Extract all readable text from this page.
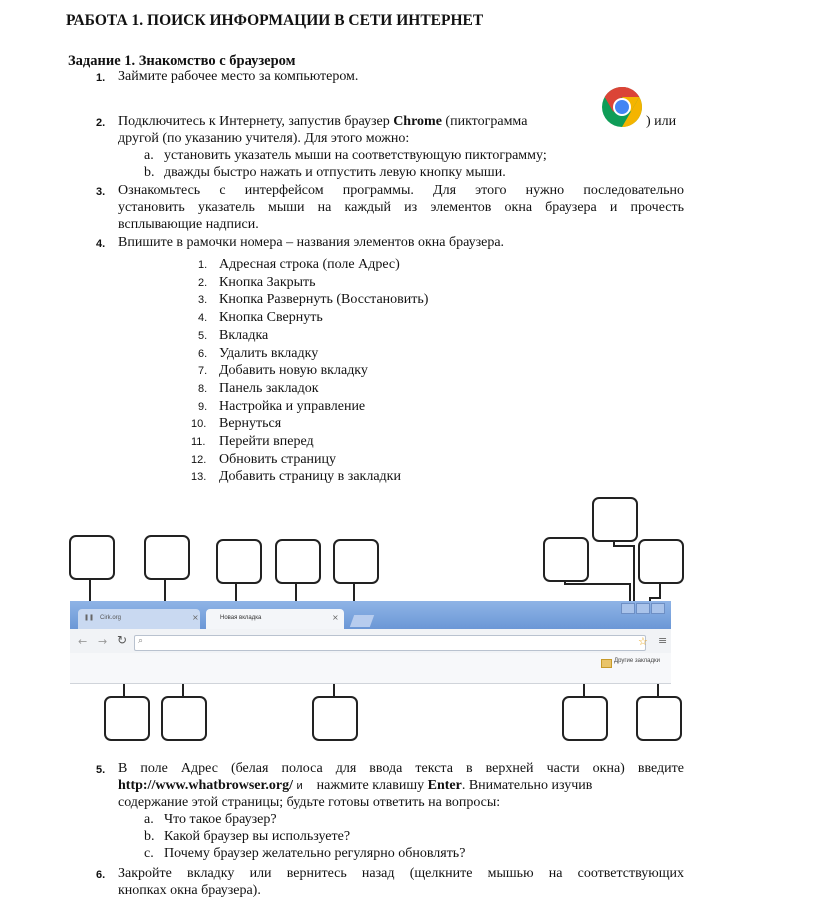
РАБОТА 1. ПОИСК ИНФОРМАЦИИ В СЕТИ ИНТЕРНЕТ
Задание 1. Знакомство с браузером
1. Займите рабочее место за компьютером.
2. Подключитесь к Интернету, запустив браузер Chrome (пиктограмма	) или
другой (по указанию учителя). Для этого можно:
a. установить указатель мыши на соответствующую пиктограмму;
b. дважды быстро нажать и отпустить левую кнопку мыши.
3. Ознакомьтесь с интерфейсом программы. Для этого нужно последовательно
установить указатель мыши на каждый из элементов окна браузера и прочесть
всплывающие надписи.
4. Впишите в рамочки номера – названия элементов окна браузера.
1. Адресная строка (поле Адрес)
2. Кнопка Закрыть
3. Кнопка Развернуть (Восстановить)
4. Кнопка Свернуть
5. Вкладка
6. Удалить вкладку
7. Добавить новую вкладку
8. Панель закладок
9. Настройка и управление
10. Вернуться
11. Перейти вперед
12. Обновить страницу
13. Добавить страницу в закладки
❚❚ Cirk.org	×	Новая вкладка	×
← → ↻ ⌕	☆ ≡
Другие закладки
5. В поле Адрес (белая полоса для ввода текста в верхней части окна) введите
http://www.whatbrowser.org/ и нажмите клавишу Enter. Внимательно изучив
содержание этой страницы; будьте готовы ответить на вопросы:
a. Что такое браузер?
b. Какой браузер вы используете?
c. Почему браузер желательно регулярно обновлять?
6. Закройте вкладку или вернитесь назад (щелкните мышью на соответствующих
кнопках окна браузера).
